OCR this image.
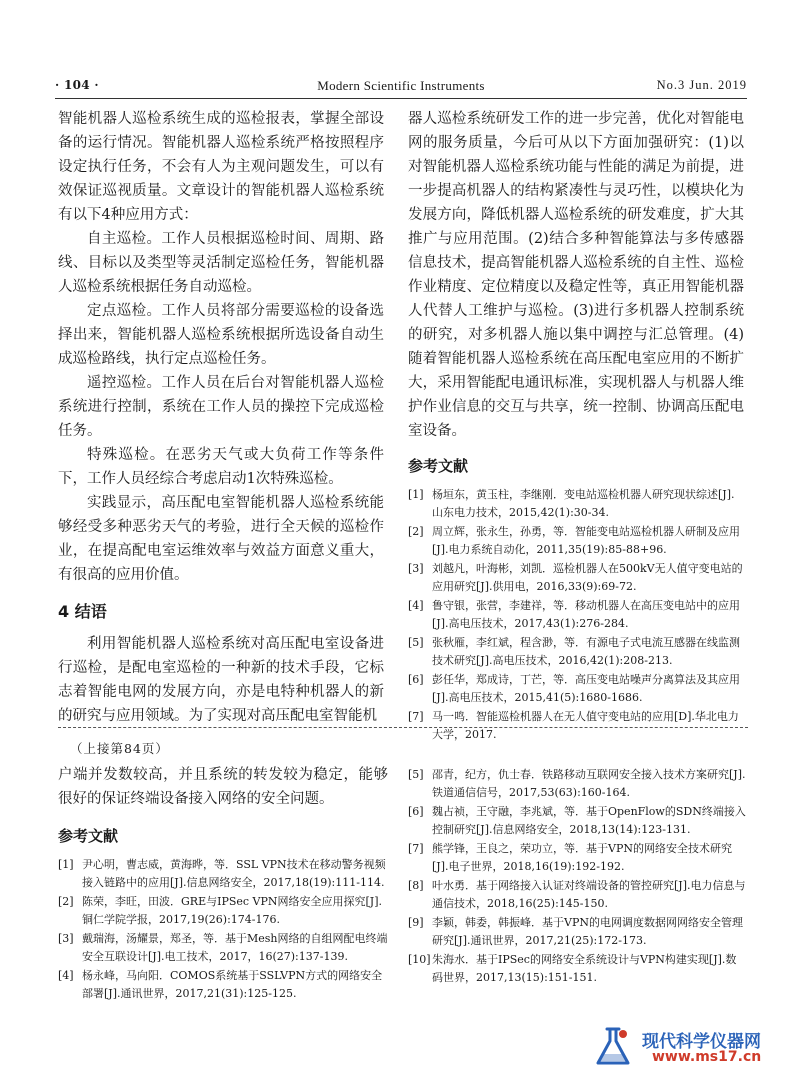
· 104 ·	Modern Scientific Instruments	No.3 Jun. 2019

智能机器人巡检系统生成的巡检报表，掌握全部设备的运行情况。智能机器人巡检系统严格按照程序设定执行任务，不会有人为主观问题发生，可以有效保证巡视质量。文章设计的智能机器人巡检系统有以下4种应用方式：

自主巡检。工作人员根据巡检时间、周期、路线、目标以及类型等灵活制定巡检任务，智能机器人巡检系统根据任务自动巡检。

定点巡检。工作人员将部分需要巡检的设备选择出来，智能机器人巡检系统根据所选设备自动生成巡检路线，执行定点巡检任务。

遥控巡检。工作人员在后台对智能机器人巡检系统进行控制，系统在工作人员的操控下完成巡检任务。

特殊巡检。在恶劣天气或大负荷工作等条件下，工作人员经综合考虑启动1次特殊巡检。

实践显示，高压配电室智能机器人巡检系统能够经受多种恶劣天气的考验，进行全天候的巡检作业，在提高配电室运维效率与效益方面意义重大，有很高的应用价值。

4 结语

利用智能机器人巡检系统对高压配电室设备进行巡检，是配电室巡检的一种新的技术手段，它标志着智能电网的发展方向，亦是电特种机器人的新的研究与应用领域。为了实现对高压配电室智能机

器人巡检系统研发工作的进一步完善，优化对智能电网的服务质量，今后可从以下方面加强研究：(1)以对智能机器人巡检系统功能与性能的满足为前提，进一步提高机器人的结构紧凑性与灵巧性，以模块化为发展方向，降低机器人巡检系统的研发难度，扩大其推广与应用范围。(2)结合多种智能算法与多传感器信息技术，提高智能机器人巡检系统的自主性、巡检作业精度、定位精度以及稳定性等，真正用智能机器人代替人工维护与巡检。(3)进行多机器人控制系统的研究，对多机器人施以集中调控与汇总管理。(4)随着智能机器人巡检系统在高压配电室应用的不断扩大，采用智能配电通讯标准，实现机器人与机器人维护作业信息的交互与共享，统一控制、协调高压配电室设备。

参考文献
[1] 杨垣东，黄玉柱，李继刚．变电站巡检机器人研究现状综述[J].山东电力技术，2015,42(1):30-34.
[2] 周立辉，张永生，孙勇，等．智能变电站巡检机器人研制及应用[J].电力系统自动化，2011,35(19):85-88+96.
[3] 刘越凡，叶海彬，刘凯．巡检机器人在500kV无人值守变电站的应用研究[J].供用电，2016,33(9):69-72.
[4] 鲁守银，张营，李建祥，等．移动机器人在高压变电站中的应用[J].高电压技术，2017,43(1):276-284.
[5] 张秋雁，李红斌，程含渺，等．有源电子式电流互感器在线监测技术研究[J].高电压技术，2016,42(1):208-213.
[6] 彭任华，郑成诗，丁芒，等．高压变电站噪声分离算法及其应用[J].高电压技术，2015,41(5):1680-1686.
[7] 马一鸣．智能巡检机器人在无人值守变电站的应用[D].华北电力大学，2017.
（上接第84页）

户端并发数较高，并且系统的转发较为稳定，能够很好的保证终端设备接入网络的安全问题。

参考文献
[1] 尹心明，曹志威，黄海晔，等．SSL VPN技术在移动警务视频接入链路中的应用[J].信息网络安全，2017,18(19):111-114.
[2] 陈荣，李旺，田波．GRE与IPSec VPN网络安全应用探究[J].铜仁学院学报，2017,19(26):174-176.
[3] 戴瑞海，汤耀景，郑圣，等．基于Mesh网络的自组网配电终端安全互联设计[J].电工技术，2017，16(27):137-139.
[4] 杨永峰，马向阳．COMOS系统基于SSLVPN方式的网络安全部署[J].通讯世界，2017,21(31):125-125.
[5] 邵青，纪方，仇士春．铁路移动互联网安全接入技术方案研究[J].铁道通信信号，2017,53(63):160-164.
[6] 魏占祯，王守融，李兆斌，等．基于OpenFlow的SDN终端接入控制研究[J].信息网络安全，2018,13(14):123-131.
[7] 熊学锋，王良之，荣功立，等．基于VPN的网络安全技术研究[J].电子世界，2018,16(19):192-192.
[8] 叶水勇．基于网络接入认证对终端设备的管控研究[J].电力信息与通信技术，2018,16(25):145-150.
[9] 李颖，韩委，韩振峰．基于VPN的电网调度数据网网络安全管理研究[J].通讯世界，2017,21(25):172-173.
[10] 朱海水．基于IPSec的网络安全系统设计与VPN构建实现[J].数码世界，2017,13(15):151-151.
现代科学仪器网
www.ms17.cn
